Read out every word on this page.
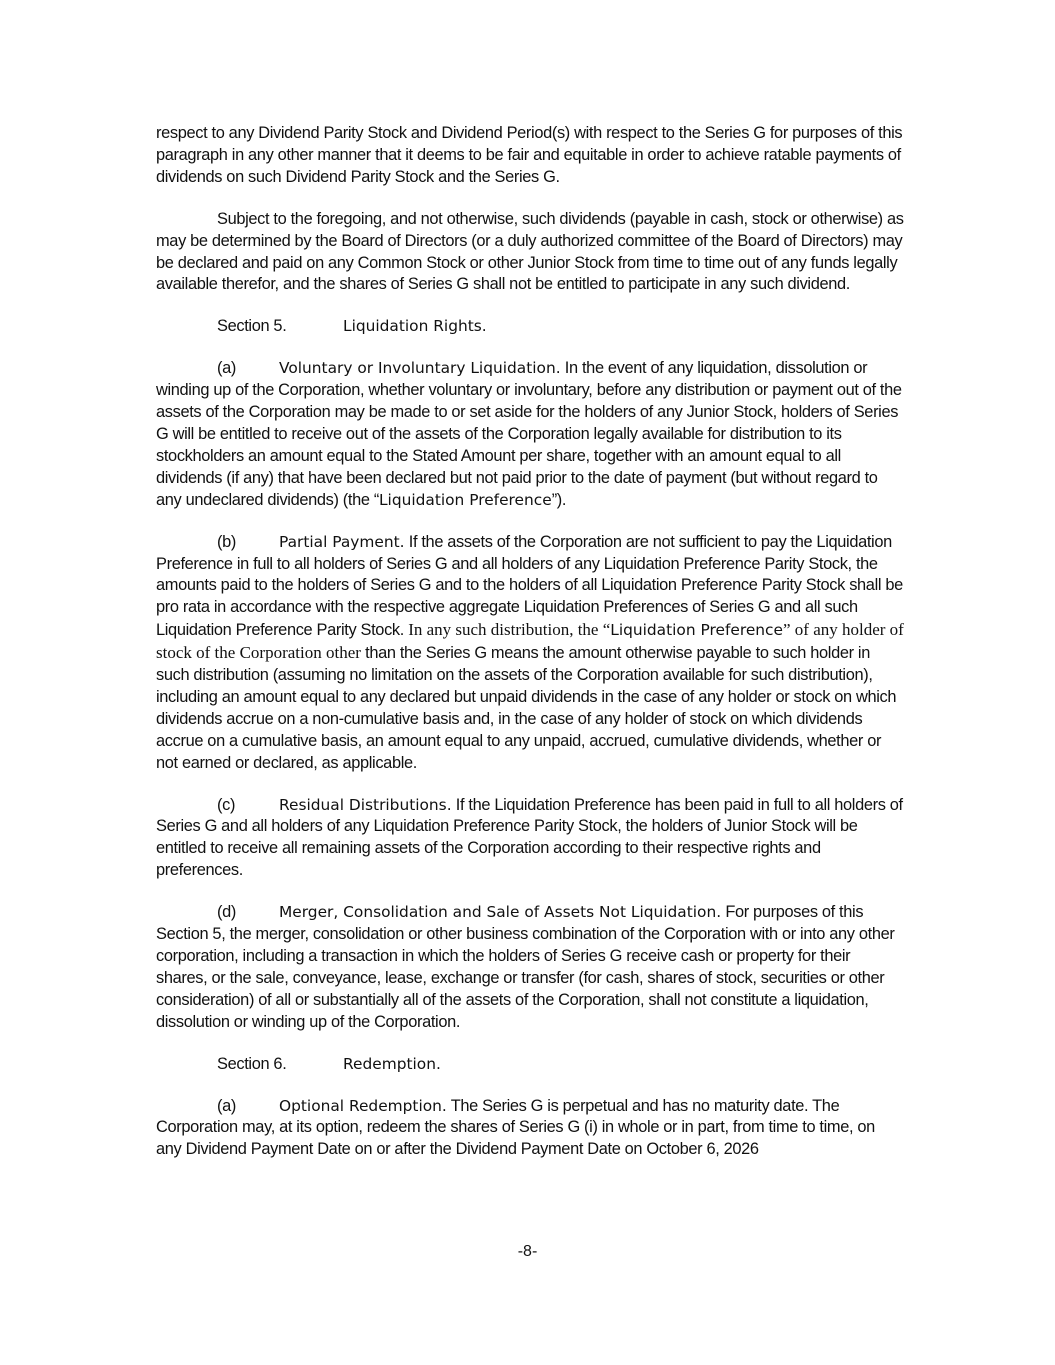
respect to any Dividend Parity Stock and Dividend Period(s) with respect to the Series G for purposes of this paragraph in any other manner that it deems to be fair and equitable in order to achieve ratable payments of dividends on such Dividend Parity Stock and the Series G.

Subject to the foregoing, and not otherwise, such dividends (payable in cash, stock or otherwise) as may be determined by the Board of Directors (or a duly authorized committee of the Board of Directors) may be declared and paid on any Common Stock or other Junior Stock from time to time out of any funds legally available therefor, and the shares of Series G shall not be entitled to participate in any such dividend.

Section 5.	Liquidation Rights.

(a)	Voluntary or Involuntary Liquidation. In the event of any liquidation, dissolution or winding up of the Corporation, whether voluntary or involuntary, before any distribution or payment out of the assets of the Corporation may be made to or set aside for the holders of any Junior Stock, holders of Series G will be entitled to receive out of the assets of the Corporation legally available for distribution to its stockholders an amount equal to the Stated Amount per share, together with an amount equal to all dividends (if any) that have been declared but not paid prior to the date of payment (but without regard to any undeclared dividends) (the “Liquidation Preference”).

(b)	Partial Payment. If the assets of the Corporation are not sufficient to pay the Liquidation Preference in full to all holders of Series G and all holders of any Liquidation Preference Parity Stock, the amounts paid to the holders of Series G and to the holders of all Liquidation Preference Parity Stock shall be pro rata in accordance with the respective aggregate Liquidation Preferences of Series G and all such Liquidation Preference Parity Stock. In any such distribution, the “Liquidation Preference” of any holder of stock of the Corporation other than the Series G means the amount otherwise payable to such holder in such distribution (assuming no limitation on the assets of the Corporation available for such distribution), including an amount equal to any declared but unpaid dividends in the case of any holder or stock on which dividends accrue on a non-cumulative basis and, in the case of any holder of stock on which dividends accrue on a cumulative basis, an amount equal to any unpaid, accrued, cumulative dividends, whether or not earned or declared, as applicable.

(c)	Residual Distributions. If the Liquidation Preference has been paid in full to all holders of Series G and all holders of any Liquidation Preference Parity Stock, the holders of Junior Stock will be entitled to receive all remaining assets of the Corporation according to their respective rights and preferences.

(d)	Merger, Consolidation and Sale of Assets Not Liquidation. For purposes of this Section 5, the merger, consolidation or other business combination of the Corporation with or into any other corporation, including a transaction in which the holders of Series G receive cash or property for their shares, or the sale, conveyance, lease, exchange or transfer (for cash, shares of stock, securities or other consideration) of all or substantially all of the assets of the Corporation, shall not constitute a liquidation, dissolution or winding up of the Corporation.

Section 6.	Redemption.

(a)	Optional Redemption. The Series G is perpetual and has no maturity date. The Corporation may, at its option, redeem the shares of Series G (i) in whole or in part, from time to time, on any Dividend Payment Date on or after the Dividend Payment Date on October 6, 2026

-8-
